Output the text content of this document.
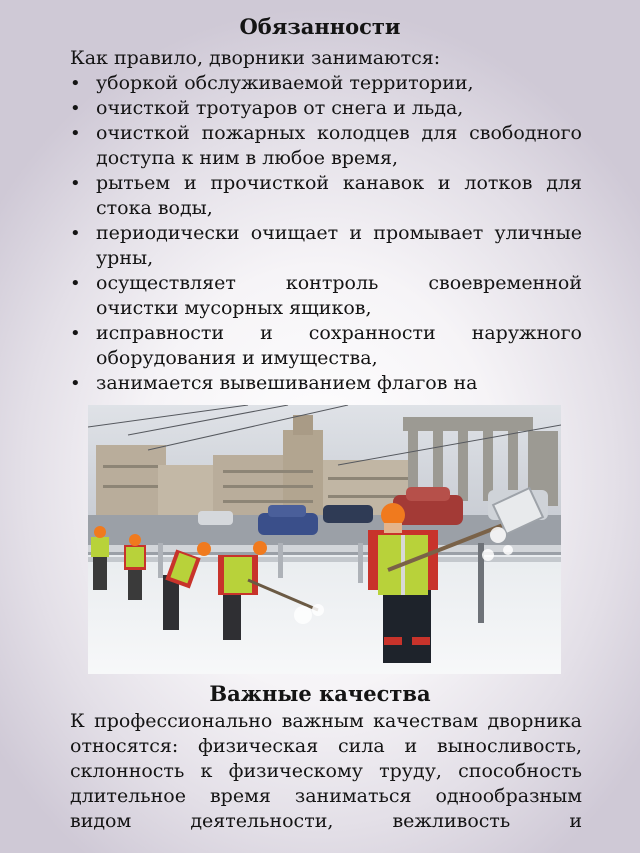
Обязанности

Как правило, дворники занимаются:

• уборкой обслуживаемой территории,
• очисткой тротуаров от снега и льда,
• очисткой пожарных колодцев для свободного доступа к ним в любое время,
• рытьем и прочисткой канавок и лотков для стока воды,
• периодически очищает и промывает уличные урны,
• осуществляет контроль своевременной очистки мусорных ящиков,
• исправности и сохранности наружного оборудования и имущества,
• занимается вывешиванием флагов на
Важные качества

К профессионально важным качествам дворника относятся: физическая сила и выносливость, склонность к физическому труду, способность длительное время заниматься однообразным видом деятельности, вежливость и
